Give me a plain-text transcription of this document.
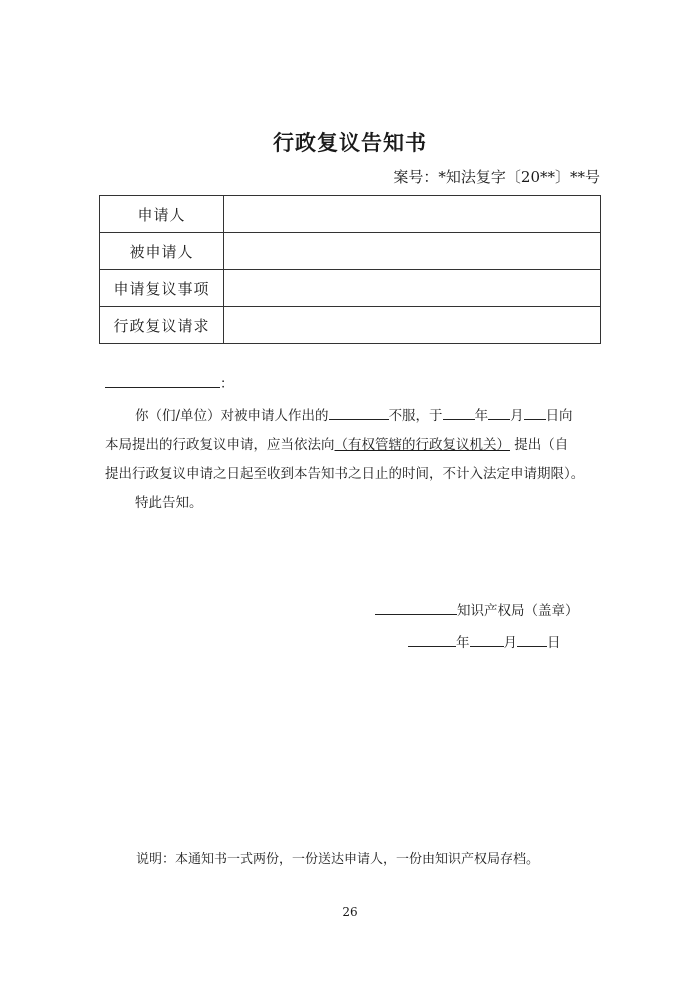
行政复议告知书
案号：*知法复字〔20**〕**号
申请人	
被申请人	
申请复议事项	
行政复议请求	
：
你（们/单位）对被申请人作出的	不服，于 年 月 日向
本局提出的行政复议申请，应当依法向（有权管辖的行政复议机关） 提出（自
提出行政复议申请之日起至收到本告知书之日止的时间，不计入法定申请期限）。
特此告知。
知识产权局（盖章）
年	月 日
说明：本通知书一式两份，一份送达申请人，一份由知识产权局存档。
26
